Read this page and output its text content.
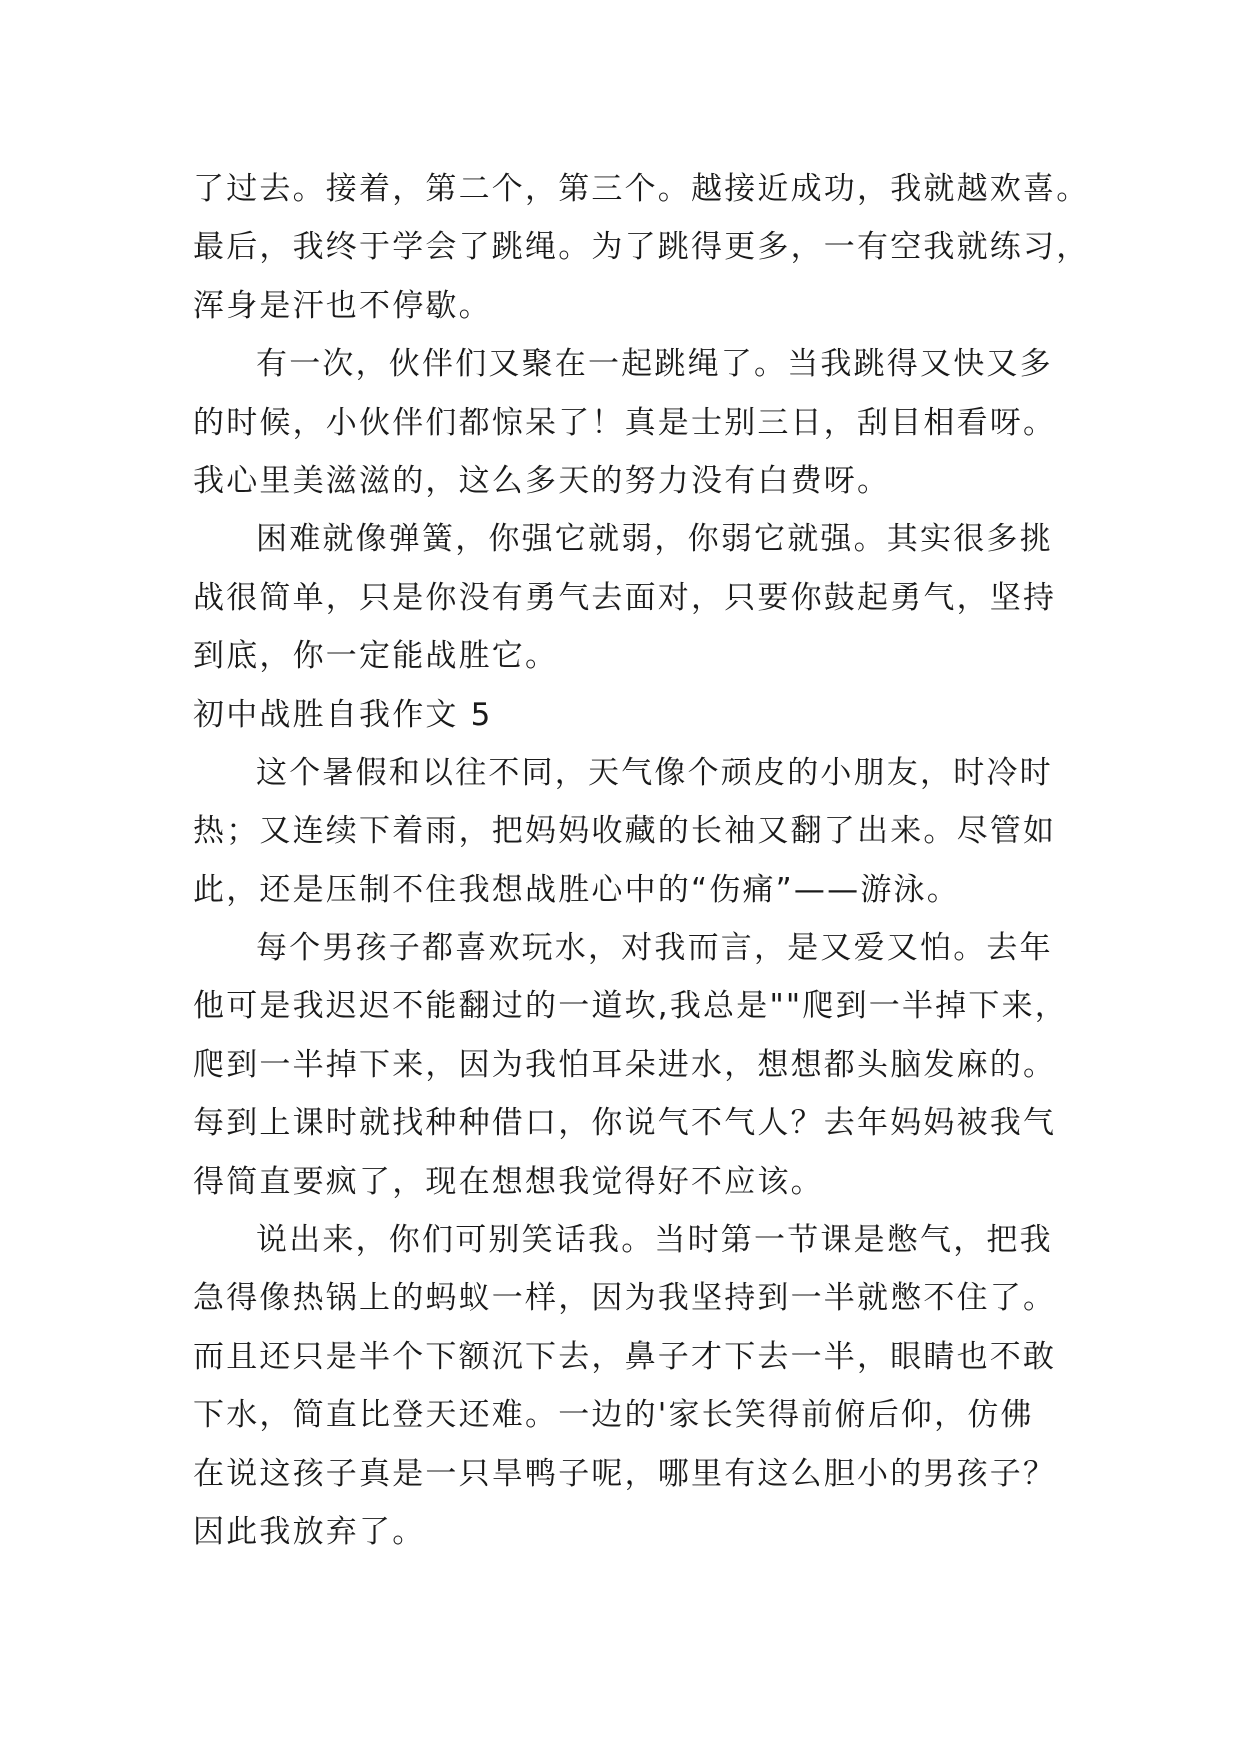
了过去。接着，第二个，第三个。越接近成功，我就越欢喜。
最后，我终于学会了跳绳。为了跳得更多，一有空我就练习，
浑身是汗也不停歇。
有一次，伙伴们又聚在一起跳绳了。当我跳得又快又多
的时候，小伙伴们都惊呆了！真是士别三日，刮目相看呀。
我心里美滋滋的，这么多天的努力没有白费呀。
困难就像弹簧，你强它就弱，你弱它就强。其实很多挑
战很简单，只是你没有勇气去面对，只要你鼓起勇气，坚持
到底，你一定能战胜它。
初中战胜自我作文 5
这个暑假和以往不同，天气像个顽皮的小朋友，时冷时
热；又连续下着雨，把妈妈收藏的长袖又翻了出来。尽管如
此，还是压制不住我想战胜心中的“伤痛”——游泳。
每个男孩子都喜欢玩水，对我而言，是又爱又怕。去年
他可是我迟迟不能翻过的一道坎,我总是""爬到一半掉下来，
爬到一半掉下来，因为我怕耳朵进水，想想都头脑发麻的。
每到上课时就找种种借口，你说气不气人？去年妈妈被我气
得简直要疯了，现在想想我觉得好不应该。
说出来，你们可别笑话我。当时第一节课是憋气，把我
急得像热锅上的蚂蚁一样，因为我坚持到一半就憋不住了。
而且还只是半个下额沉下去，鼻子才下去一半，眼睛也不敢
下水，简直比登天还难。一边的'家长笑得前俯后仰，仿佛
在说这孩子真是一只旱鸭子呢，哪里有这么胆小的男孩子？
因此我放弃了。
